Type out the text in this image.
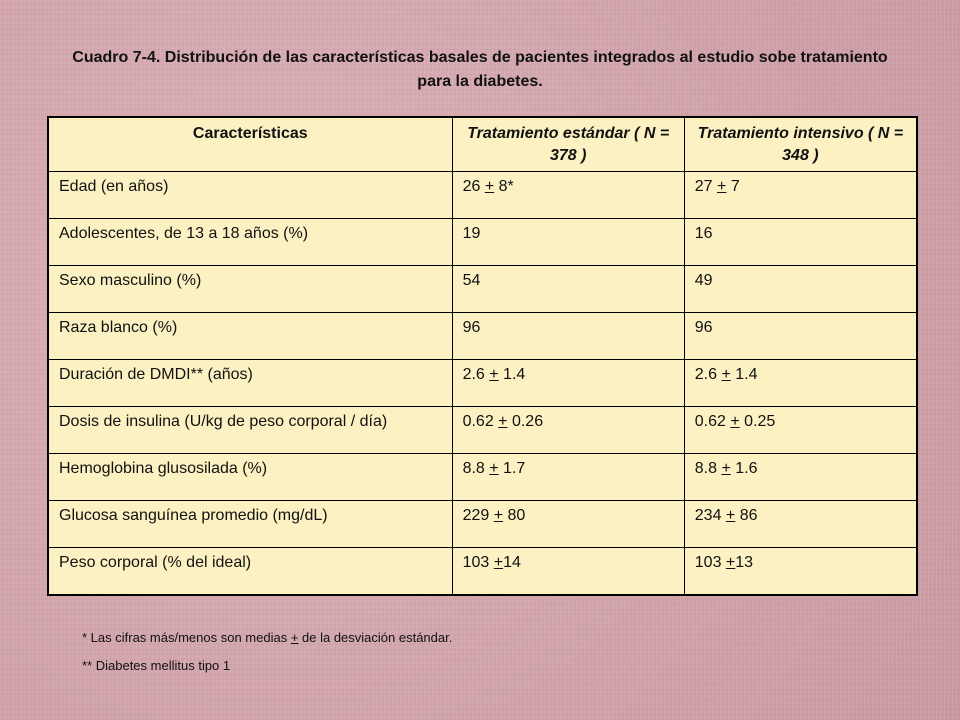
Cuadro 7-4. Distribución de las características basales de pacientes integrados al estudio sobe tratamiento para la diabetes.
Características	Tratamiento estándar ( N = 378 )	Tratamiento intensivo ( N = 348 )
Edad (en años)	26 + 8*	27 + 7
Adolescentes, de 13 a 18 años (%)	19	16
Sexo masculino (%)	54	49
Raza blanco (%)	96	96
Duración de DMDI** (años)	2.6 + 1.4	2.6 + 1.4
Dosis de insulina (U/kg de peso corporal / día)	0.62 + 0.26	0.62 + 0.25
Hemoglobina glusosilada (%)	8.8 + 1.7	8.8 + 1.6
Glucosa sanguínea promedio (mg/dL)	229 + 80	234 + 86
Peso corporal (% del ideal)	103 +14	103 +13
* Las cifras más/menos son medias + de la desviación estándar.
** Diabetes mellitus tipo 1
